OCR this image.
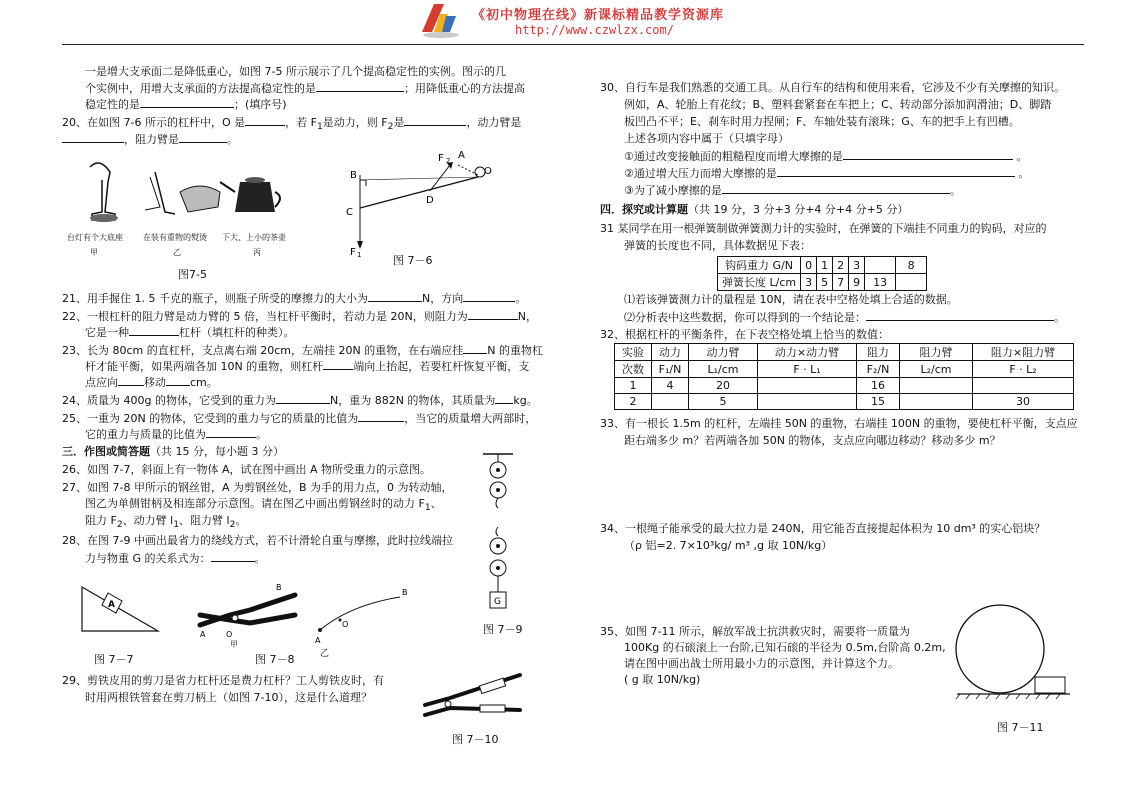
《初中物理在线》新课标精品教学资源库
http://www.czwlzx.com/
一是增大支承面二是降低重心，如图 7-5 所示展示了几个提高稳定性的实例。图示的几
个实例中，用增大支承面的方法提高稳定性的是	；用降低重心的方法提高
稳定性的是	；(填序号)
20、在如图 7-6 所示的杠杆中，O 是	，若 $F_1$是动力，则 $F_2$是	，动力臂是
，阻力臂是	。
台灯有个大底座	在装有重物的熨烫 下大、上小的茶壶
甲	乙	丙
图7-5
B
C
D
A
O
F 2
F 1	图 7－6
21、用手握住 1. 5 千克的瓶子，则瓶子所受的摩擦力的大小为	N，方向	。
22、一根杠杆的阻力臂是动力臂的 5 倍，当杠杆平衡时，若动力是 20N，则阻力为	N，
它是一种	杠杆（填杠杆的种类）。
23、长为 80cm 的直杠杆，支点离右端 20cm，左端挂 20N 的重物，在右端应挂 N 的重物杠
杆才能平衡，如果两端各加 10N 的重物，则杠杆	端向上抬起，若要杠杆恢复平衡，支
点应向 移动 cm。
24、质量为 400g 的物体，它受到的重力为	N，重为 882N 的物体，其质量为 kg。
25、一重为 20N 的物体，它受到的重力与它的质量的比值为	，当它的质量增大两部时，
它的重力与质量的比值为	。
三．作图或简答题（共 15 分，每小题 3 分）
26、如图 7-7，斜面上有一物体 A，试在图中画出 A 物所受重力的示意图。
27、如图 7-8 甲所示的钢丝钳，A 为剪钢丝处，B 为手的用力点，0 为转动轴，
图乙为单侧钳柄及相连部分示意图。请在图乙中画出剪钢丝时的动力 $F_1$、
阻力 $F_2$、动力臂 $l_1$、阻力臂 $l_2$。
28、在图 7-9 中画出最省力的绕线方式，若不计滑轮自重与摩擦，此时拉线端拉
力与物重 G 的关系式为：	。
A
图 7－7
B
A	O
A
O
B
甲
乙
图 7－8
G
图 7－9
29、剪铁皮用的剪刀是省力杠杆还是费力杠杆？工人剪铁皮时，有
时用两根铁管套在剪刀柄上（如图 7-10），这是什么道理？
图 7－10
30、自行车是我们熟悉的交通工具。从自行车的结构和使用来看，它涉及不少有关摩擦的知识。
例如，A、轮胎上有花纹；B、塑料套紧套在车把上；C、转动部分添加润滑油；D、脚踏
板凹凸不平；E、刹车时用力捏闸；F、车轴处装有滚珠；G、车的把手上有凹槽。
上述各项内容中属于（只填字母）
①通过改变接触面的粗糙程度而增大摩擦的是	。
②通过增大压力而增大摩擦的是	。
③为了减小摩擦的是	。
四．探究或计算题（共 19 分，3 分+3 分+4 分+4 分+5 分）
31 某同学在用一根弹簧制做弹簧测力计的实验时，在弹簧的下端挂不同重力的钩码，对应的
弹簧的长度也不同，具体数据见下表：
钩码重力 G/N	0	1	2	3		8
弹簧长度 L/cm	3	5	7	9	13	
⑴若该弹簧测力计的量程是 10N，请在表中空格处填上合适的数据。
⑵分析表中这些数据，你可以得到的一个结论是：	。
32、根据杠杆的平衡条件，在下表空格处填上恰当的数值：
实验	动力	动力臂	动力×动力臂	阻力	阻力臂	阻力×阻力臂
次数	F₁/N	L₁/cm	F · L₁	F₂/N	L₂/cm	F · L₂
1	4	20		16		
2		5		15		30
33、有一根长 1.5m 的杠杆，左端挂 50N 的重物，右端挂 100N 的重物，要使杠杆平衡，支点应
距右端多少 m？若两端各加 50N 的物体，支点应向哪边移动？移动多少 m？
34、一根绳子能承受的最大拉力是 240N，用它能否直接提起体积为 10 dm³ 的实心铝块？
（ρ 铝=2. 7×10³kg/ m³ ,g 取 10N/kg）
35、如图 7-11 所示，解放军战士抗洪救灾时，需要将一质量为
100Kg 的石磙滚上一台阶,已知石磙的半径为 0.5m,台阶高 0.2m,
请在图中画出战士所用最小力的示意图，并计算这个力。
( g 取 10N/kg)
图 7－11
